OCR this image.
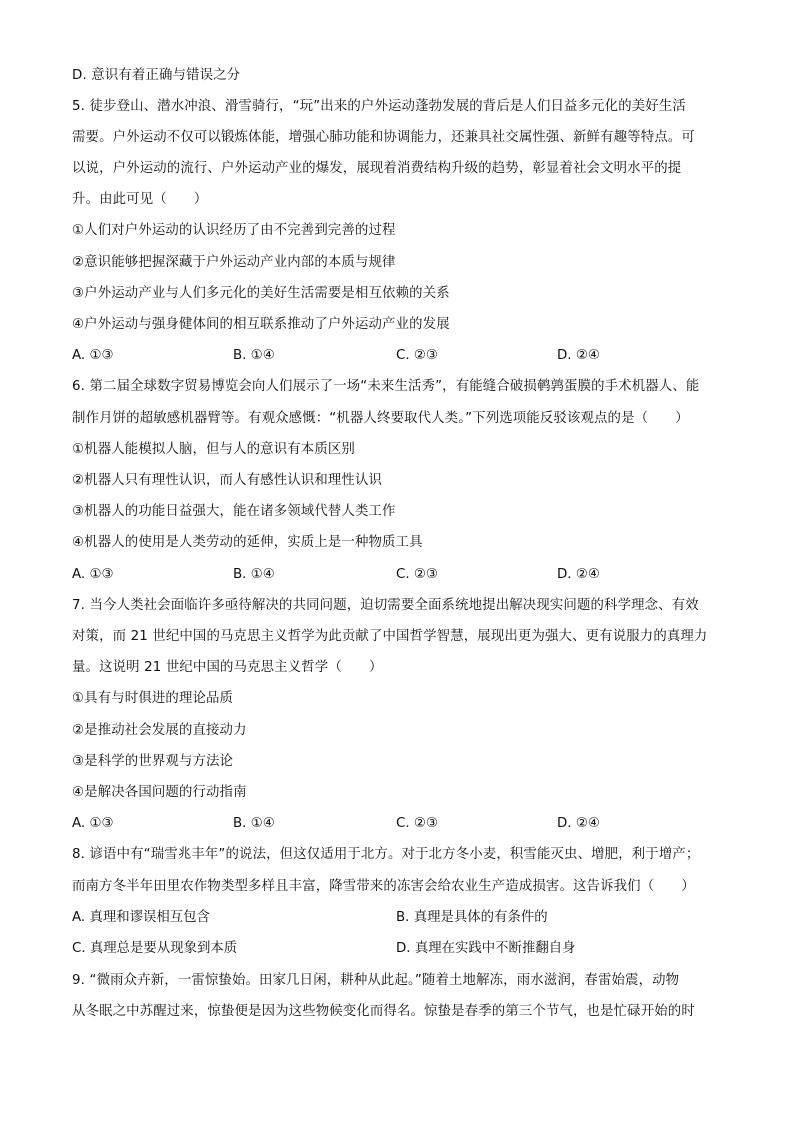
D. 意识有着正确与错误之分
5. 徒步登山、潜水冲浪、滑雪骑行，“玩”出来的户外运动蓬勃发展的背后是人们日益多元化的美好生活
需要。户外运动不仅可以锻炼体能，增强心肺功能和协调能力，还兼具社交属性强、新鲜有趣等特点。可
以说，户外运动的流行、户外运动产业的爆发，展现着消费结构升级的趋势，彰显着社会文明水平的提
升。由此可见（　　）
①人们对户外运动的认识经历了由不完善到完善的过程
②意识能够把握深藏于户外运动产业内部的本质与规律
③户外运动产业与人们多元化的美好生活需要是相互依赖的关系
④户外运动与强身健体间的相互联系推动了户外运动产业的发展
A. ①③	B. ①④	C. ②③	D. ②④
6. 第二届全球数字贸易博览会向人们展示了一场“未来生活秀”，有能缝合破损鹌鹑蛋膜的手术机器人、能
制作月饼的超敏感机器臂等。有观众感慨：“机器人终要取代人类。”下列选项能反驳该观点的是（　　）
①机器人能模拟人脑，但与人的意识有本质区别
②机器人只有理性认识，而人有感性认识和理性认识
③机器人的功能日益强大，能在诸多领域代替人类工作
④机器人的使用是人类劳动的延伸，实质上是一种物质工具
A. ①③	B. ①④	C. ②③	D. ②④
7. 当今人类社会面临许多亟待解决的共同问题，迫切需要全面系统地提出解决现实问题的科学理念、有效
对策，而 21 世纪中国的马克思主义哲学为此贡献了中国哲学智慧，展现出更为强大、更有说服力的真理力
量。这说明 21 世纪中国的马克思主义哲学（　　）
①具有与时俱进的理论品质
②是推动社会发展的直接动力
③是科学的世界观与方法论
④是解决各国问题的行动指南
A. ①③	B. ①④	C. ②③	D. ②④
8. 谚语中有“瑞雪兆丰年”的说法，但这仅适用于北方。对于北方冬小麦，积雪能灭虫、增肥，利于增产；
而南方冬半年田里农作物类型多样且丰富，降雪带来的冻害会给农业生产造成损害。这告诉我们（　　）
A. 真理和谬误相互包含	B. 真理是具体的有条件的
C. 真理总是要从现象到本质	D. 真理在实践中不断推翻自身
9. “微雨众卉新，一雷惊蛰始。田家几日闲，耕种从此起。”随着土地解冻，雨水滋润，春雷始震，动物
从冬眠之中苏醒过来，惊蛰便是因为这些物候变化而得名。惊蛰是春季的第三个节气，也是忙碌开始的时
